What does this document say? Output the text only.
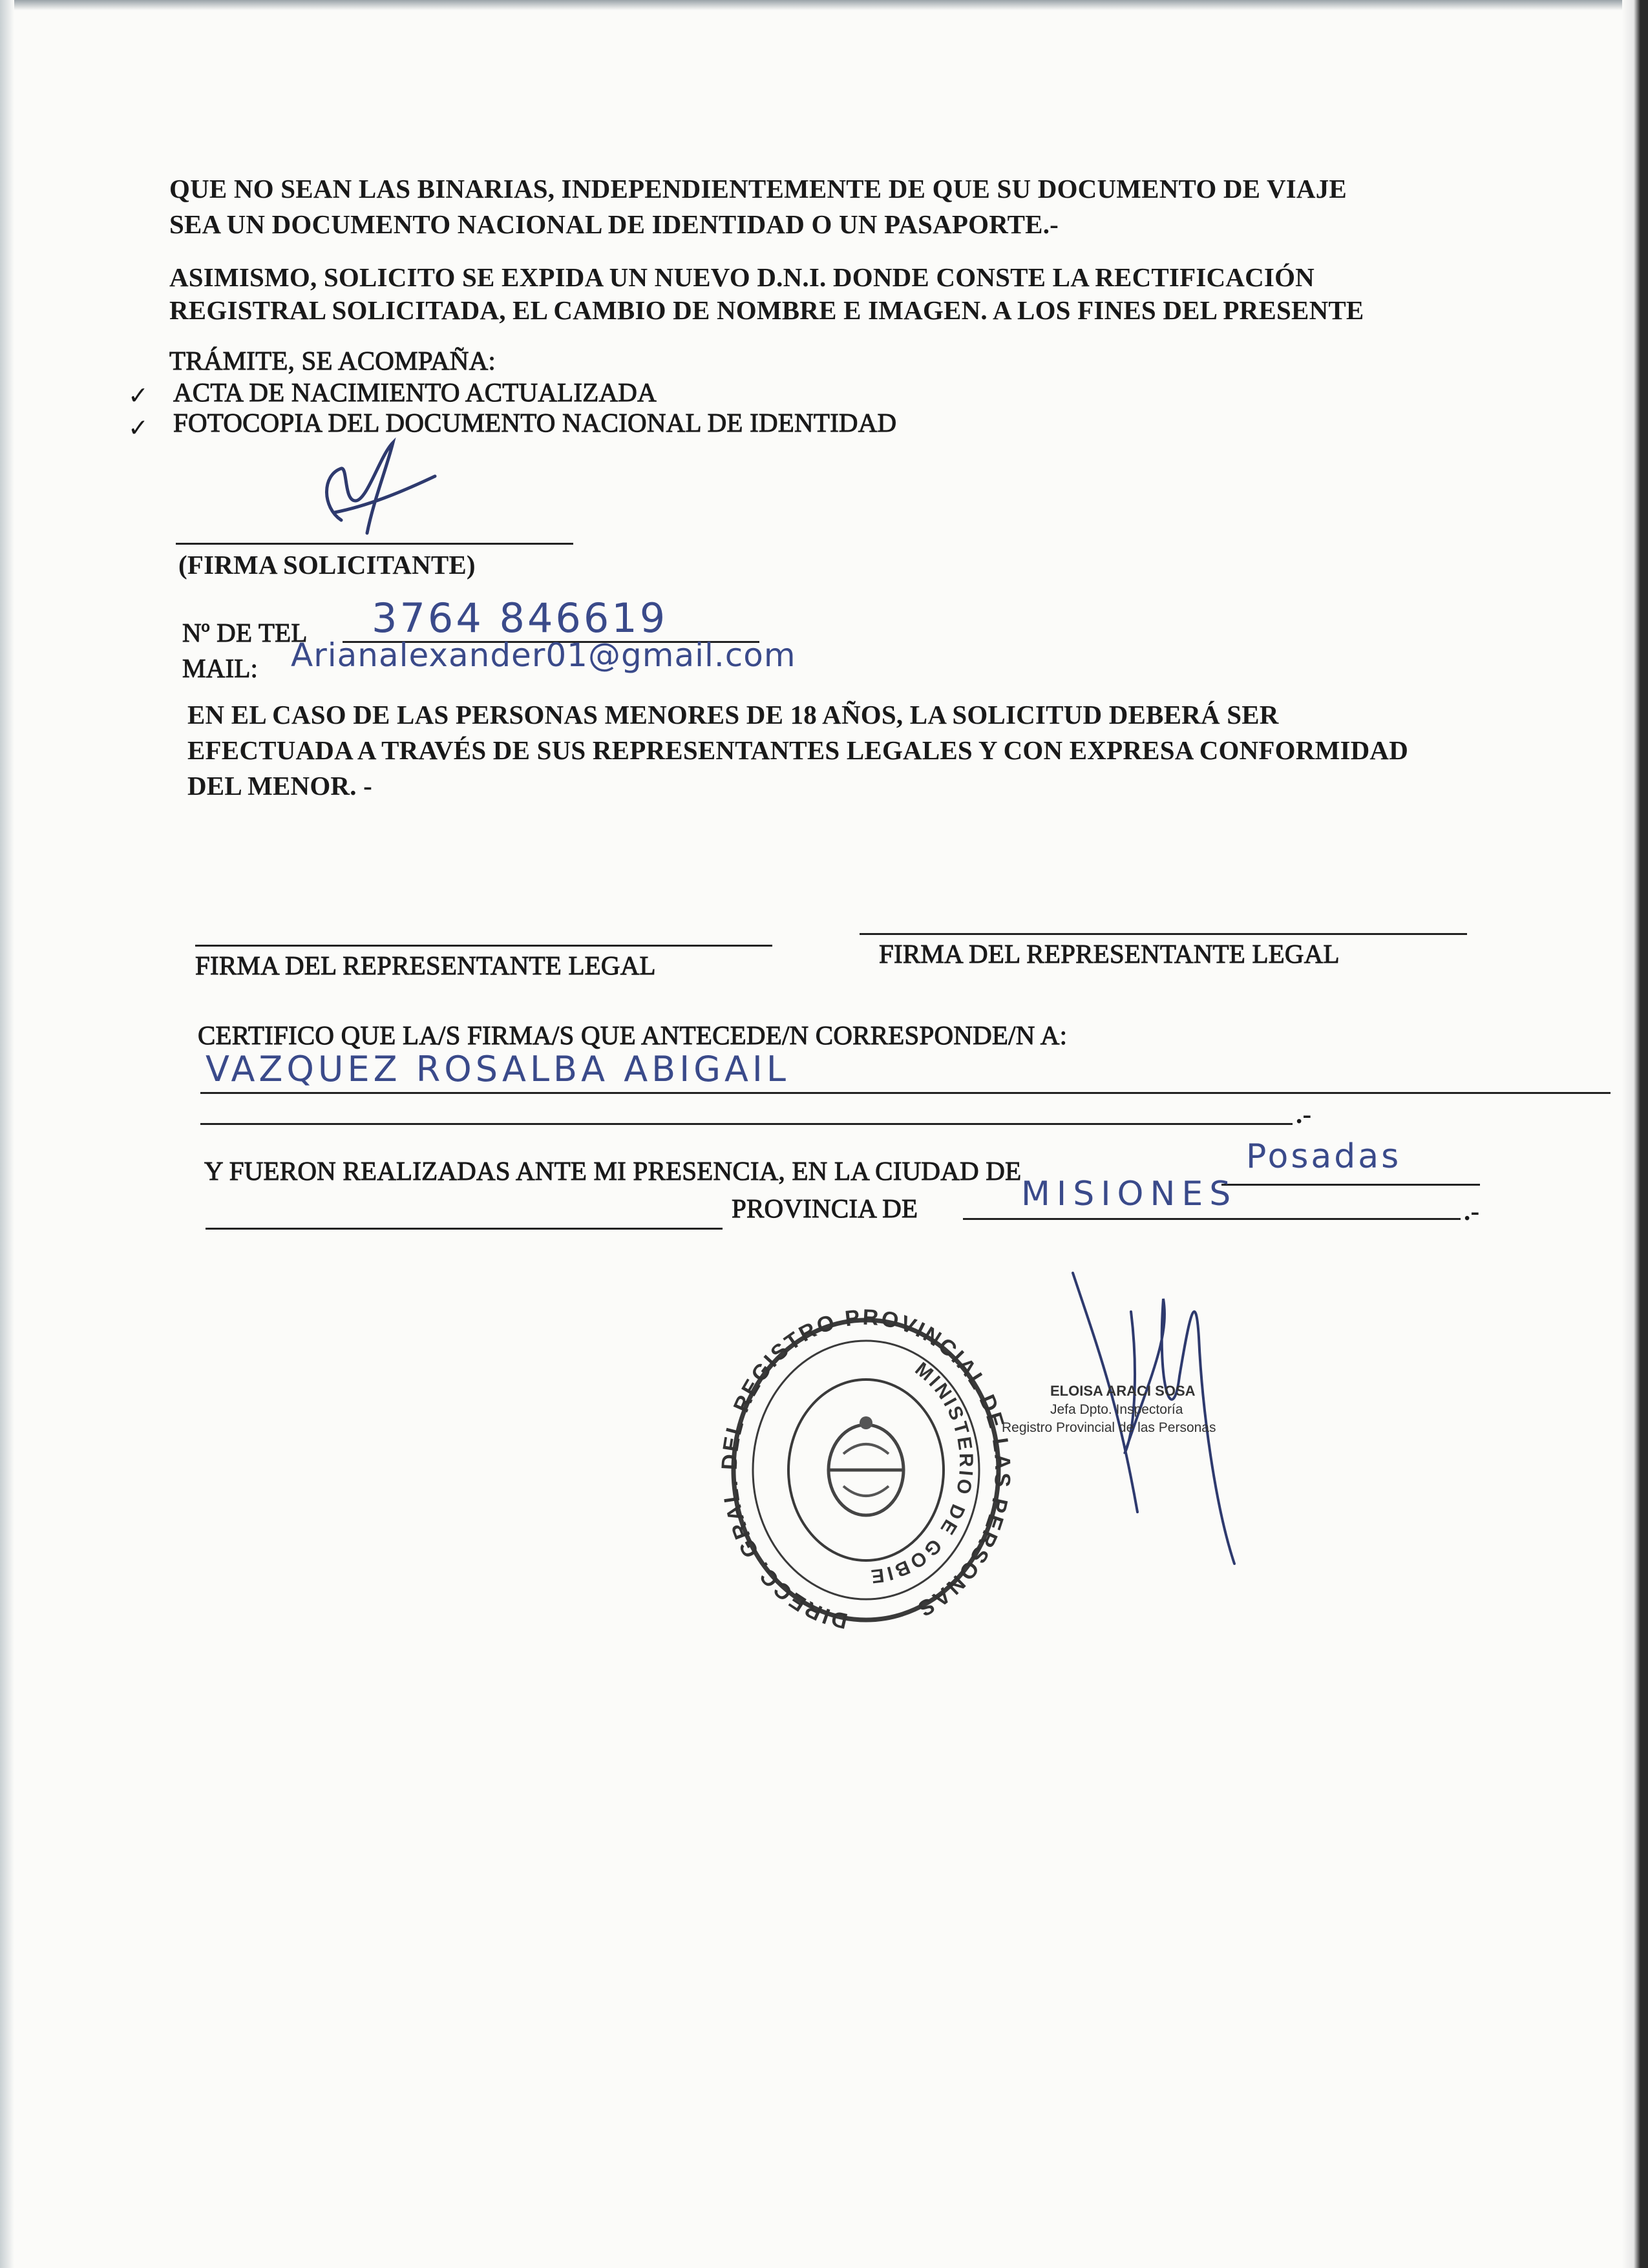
QUE NO SEAN LAS BINARIAS, INDEPENDIENTEMENTE DE QUE SU DOCUMENTO DE VIAJE
SEA UN DOCUMENTO NACIONAL DE IDENTIDAD O UN PASAPORTE.-
ASIMISMO, SOLICITO SE EXPIDA UN NUEVO D.N.I. DONDE CONSTE LA RECTIFICACIÓN
REGISTRAL SOLICITADA, EL CAMBIO DE NOMBRE E IMAGEN. A LOS FINES DEL PRESENTE
TRÁMITE, SE ACOMPAÑA:
✓ ACTA DE NACIMIENTO ACTUALIZADA
✓ FOTOCOPIA DEL DOCUMENTO NACIONAL DE IDENTIDAD
(FIRMA SOLICITANTE)
Nº DE TEL 3764 846619
MAIL: Arianalexander01@gmail.com
EN EL CASO DE LAS PERSONAS MENORES DE 18 AÑOS, LA SOLICITUD DEBERÁ SER
EFECTUADA A TRAVÉS DE SUS REPRESENTANTES LEGALES Y CON EXPRESA CONFORMIDAD
DEL MENOR. -
FIRMA DEL REPRESENTANTE LEGAL	FIRMA DEL REPRESENTANTE LEGAL
CERTIFICO QUE LA/S FIRMA/S QUE ANTECEDE/N CORRESPONDE/N A:
VAZQUEZ ROSALBA ABIGAIL
.-
Y FUERON REALIZADAS ANTE MI PRESENCIA, EN LA CIUDAD DE	Posadas
PROVINCIA DE	MISIONES	.-
DIRECC. GRAL. DEL REGISTRO PROVINCIAL DE LAS PERSONAS
MINISTERIO DE GOBIERNO
ELOISA ARACI SOSA
Jefa Dpto. Inspectoría
Registro Provincial de las Personas
